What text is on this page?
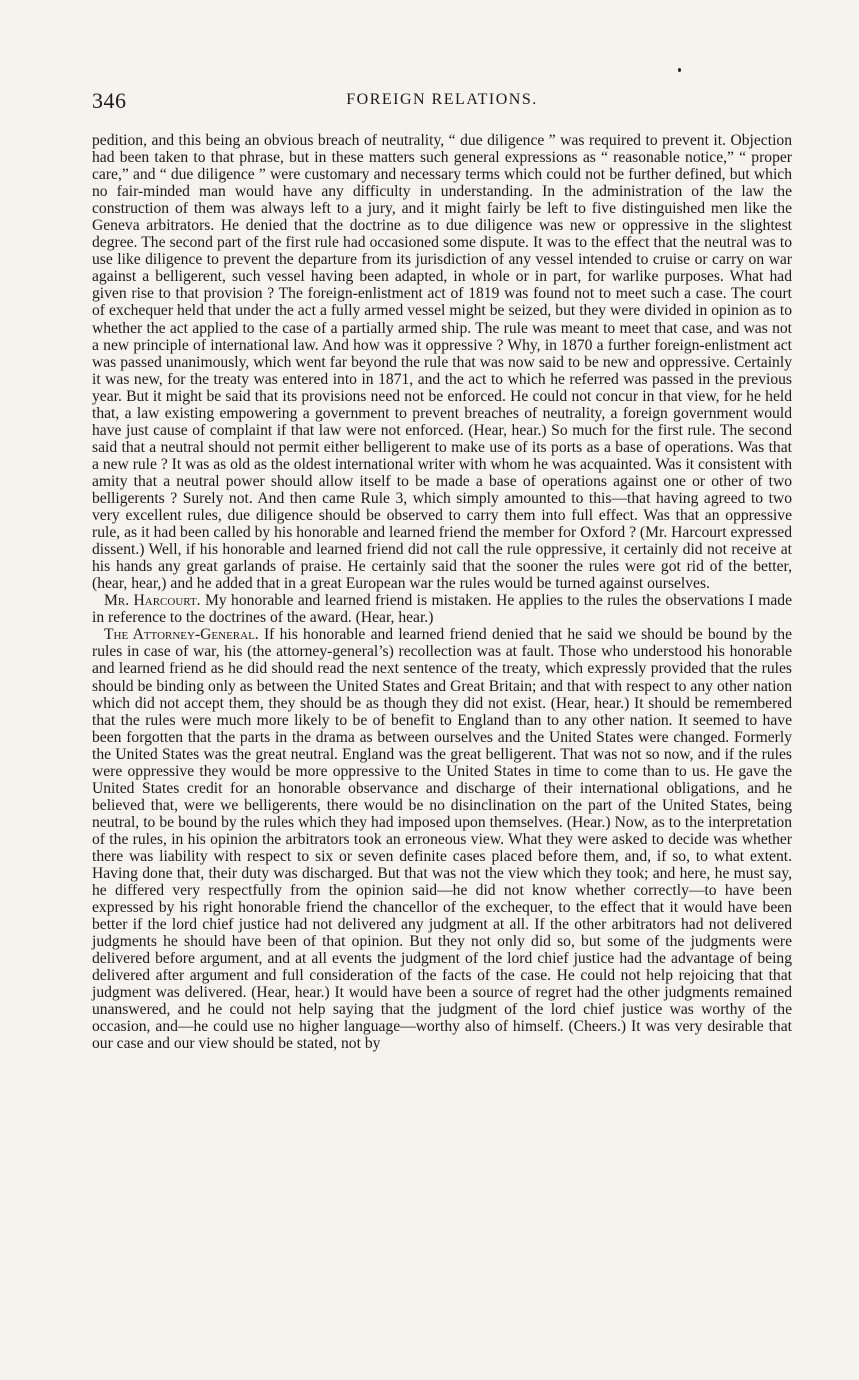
346	FOREIGN RELATIONS.

pedition, and this being an obvious breach of neutrality, “ due diligence ” was required to prevent it. Objection had been taken to that phrase, but in these matters such general expressions as “ reasonable notice,” “ proper care,” and “ due diligence ” were customary and necessary terms which could not be further defined, but which no fair-minded man would have any difficulty in understanding. In the administration of the law the construction of them was always left to a jury, and it might fairly be left to five distinguished men like the Geneva arbitrators. He denied that the doctrine as to due diligence was new or oppressive in the slightest degree. The second part of the first rule had occasioned some dispute. It was to the effect that the neutral was to use like diligence to prevent the departure from its jurisdiction of any vessel intended to cruise or carry on war against a belligerent, such vessel having been adapted, in whole or in part, for warlike purposes. What had given rise to that provision ? The foreign-enlistment act of 1819 was found not to meet such a case. The court of exchequer held that under the act a fully armed vessel might be seized, but they were divided in opinion as to whether the act applied to the case of a partially armed ship. The rule was meant to meet that case, and was not a new principle of international law. And how was it oppressive ? Why, in 1870 a further foreign-enlistment act was passed unanimously, which went far beyond the rule that was now said to be new and oppressive. Certainly it was new, for the treaty was entered into in 1871, and the act to which he referred was passed in the previous year. But it might be said that its provisions need not be enforced. He could not concur in that view, for he held that, a law existing empowering a government to prevent breaches of neutrality, a foreign government would have just cause of complaint if that law were not enforced. (Hear, hear.) So much for the first rule. The second said that a neutral should not permit either belligerent to make use of its ports as a base of operations. Was that a new rule ? It was as old as the oldest international writer with whom he was acquainted. Was it consistent with amity that a neutral power should allow itself to be made a base of operations against one or other of two belligerents ? Surely not. And then came Rule 3, which simply amounted to this—that having agreed to two very excellent rules, due diligence should be observed to carry them into full effect. Was that an oppressive rule, as it had been called by his honorable and learned friend the member for Oxford ? (Mr. Harcourt expressed dissent.) Well, if his honorable and learned friend did not call the rule oppressive, it certainly did not receive at his hands any great garlands of praise. He certainly said that the sooner the rules were got rid of the better, (hear, hear,) and he added that in a great European war the rules would be turned against ourselves.

Mr. Harcourt. My honorable and learned friend is mistaken. He applies to the rules the observations I made in reference to the doctrines of the award. (Hear, hear.)

The Attorney-General. If his honorable and learned friend denied that he said we should be bound by the rules in case of war, his (the attorney-general’s) recollection was at fault. Those who understood his honorable and learned friend as he did should read the next sentence of the treaty, which expressly provided that the rules should be binding only as between the United States and Great Britain; and that with respect to any other nation which did not accept them, they should be as though they did not exist. (Hear, hear.) It should be remembered that the rules were much more likely to be of benefit to England than to any other nation. It seemed to have been forgotten that the parts in the drama as between ourselves and the United States were changed. Formerly the United States was the great neutral. England was the great belligerent. That was not so now, and if the rules were oppressive they would be more oppressive to the United States in time to come than to us. He gave the United States credit for an honorable observance and discharge of their international obligations, and he believed that, were we belligerents, there would be no disinclination on the part of the United States, being neutral, to be bound by the rules which they had imposed upon themselves. (Hear.) Now, as to the interpretation of the rules, in his opinion the arbitrators took an erroneous view. What they were asked to decide was whether there was liability with respect to six or seven definite cases placed before them, and, if so, to what extent. Having done that, their duty was discharged. But that was not the view which they took; and here, he must say, he differed very respectfully from the opinion said—he did not know whether correctly—to have been expressed by his right honorable friend the chancellor of the exchequer, to the effect that it would have been better if the lord chief justice had not delivered any judgment at all. If the other arbitrators had not delivered judgments he should have been of that opinion. But they not only did so, but some of the judgments were delivered before argument, and at all events the judgment of the lord chief justice had the advantage of being delivered after argument and full consideration of the facts of the case. He could not help rejoicing that that judgment was delivered. (Hear, hear.) It would have been a source of regret had the other judgments remained unanswered, and he could not help saying that the judgment of the lord chief justice was worthy of the occasion, and—he could use no higher language—worthy also of himself. (Cheers.) It was very desirable that our case and our view should be stated, not by
